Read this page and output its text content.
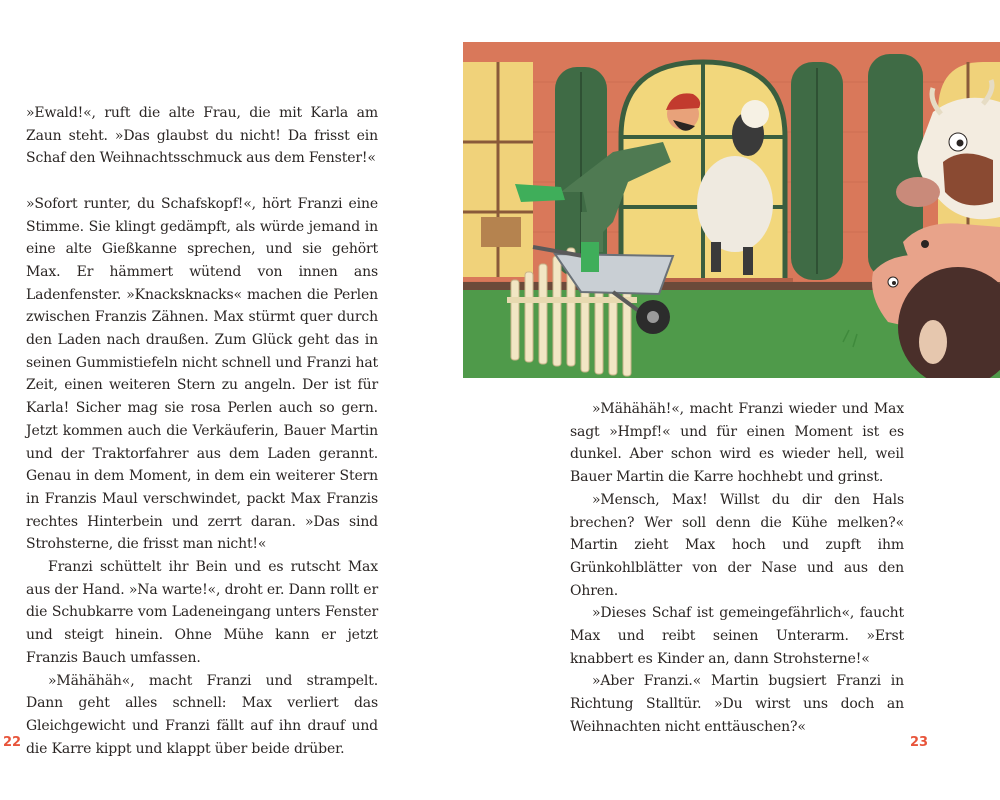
»Ewald!«, ruft die alte Frau, die mit Karla am Zaun steht. »Das glaubst du nicht! Da frisst ein Schaf den Weihnachtsschmuck aus dem Fenster!«

»Sofort runter, du Schafskopf!«, hört Franzi eine Stimme. Sie klingt gedämpft, als würde jemand in eine alte Gießkanne sprechen, und sie gehört Max. Er hämmert wütend von innen ans Ladenfenster. »Knacksknacks« machen die Perlen zwischen Franzis Zähnen. Max stürmt quer durch den Laden nach draußen. Zum Glück geht das in seinen Gummistiefeln nicht schnell und Franzi hat Zeit, einen weiteren Stern zu angeln. Der ist für Karla! Sicher mag sie rosa Perlen auch so gern. Jetzt kommen auch die Verkäuferin, Bauer Martin und der Traktorfahrer aus dem Laden gerannt. Genau in dem Moment, in dem ein weiterer Stern in Franzis Maul verschwindet, packt Max Franzis rechtes Hinterbein und zerrt daran. »Das sind Strohsterne, die frisst man nicht!«

Franzi schüttelt ihr Bein und es rutscht Max aus der Hand. »Na warte!«, droht er. Dann rollt er die Schubkarre vom Ladeneingang unters Fenster und steigt hinein. Ohne Mühe kann er jetzt Franzis Bauch umfassen.

»Mähähäh«, macht Franzi und strampelt. Dann geht alles schnell: Max verliert das Gleichgewicht und Franzi fällt auf ihn drauf und die Karre kippt und klappt über beide drüber.

22

»Mähähäh!«, macht Franzi wieder und Max sagt »Hmpf!« und für einen Moment ist es dunkel. Aber schon wird es wieder hell, weil Bauer Martin die Karre hochhebt und grinst.

»Mensch, Max! Willst du dir den Hals brechen? Wer soll denn die Kühe melken?« Martin zieht Max hoch und zupft ihm Grünkohlblätter von der Nase und aus den Ohren.

»Dieses Schaf ist gemeingefährlich«, faucht Max und reibt seinen Unterarm. »Erst knabbert es Kinder an, dann Strohsterne!«

»Aber Franzi.« Martin bugsiert Franzi in Richtung Stalltür. »Du wirst uns doch an Weihnachten nicht enttäuschen?«

23
